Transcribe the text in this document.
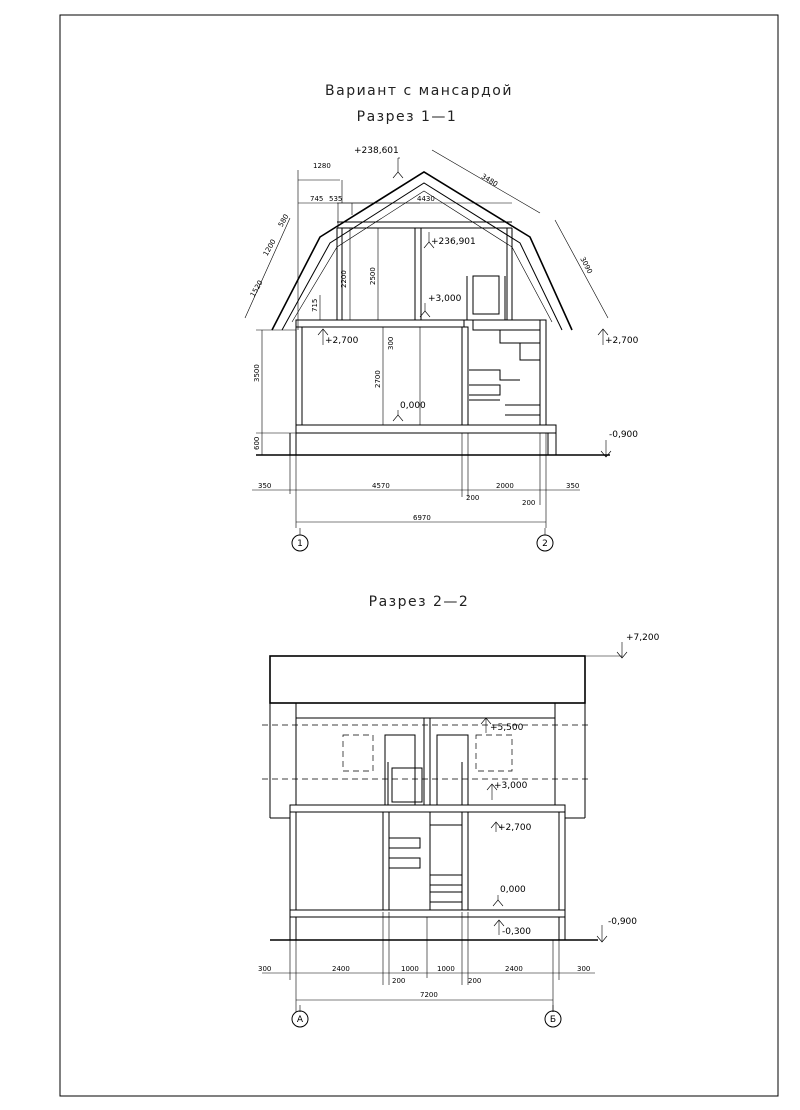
Вариант с мансардой
Разрез 1—1
Разрез 2—2
+238,601
+236,901
+3,000
+2,700	+2,700
0,000
-0,900
1280
745 535	4430
3480
3090
580
1200
1520	2200	2500
715
300
2700
3500
600
350	4570
200
2000
200
350
6970
1	2
+7,200
+5,500
+3,000
+2,700
0,000
-0,300
-0,900
300	2400	1000	1000	2400	300
200	200
7200
А	Б
